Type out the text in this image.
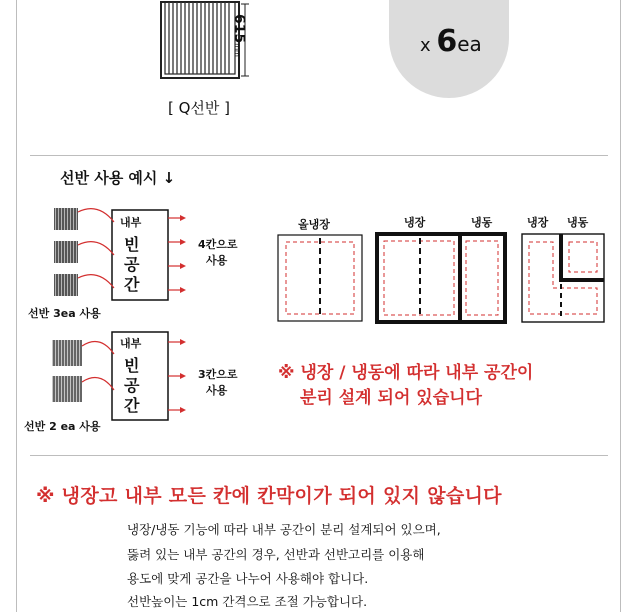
615mm
[ Q선반 ]
x 6ea
선반 사용 예시 ↓
내부
빈
공
간
4칸으로
사용
선반 3ea 사용
내부
빈
공
간
3칸으로
사용
선반 2 ea 사용
올냉장	냉장	냉동	냉장 냉동
※ 냉장 / 냉동에 따라 내부 공간이
분리 설계 되어 있습니다
※ 냉장고 내부 모든 칸에 칸막이가 되어 있지 않습니다
냉장/냉동 기능에 따라 내부 공간이 분리 설계되어 있으며,
뚫려 있는 내부 공간의 경우, 선반과 선반고리를 이용해
용도에 맞게 공간을 나누어 사용해야 합니다.
선반높이는 1cm 간격으로 조절 가능합니다.
